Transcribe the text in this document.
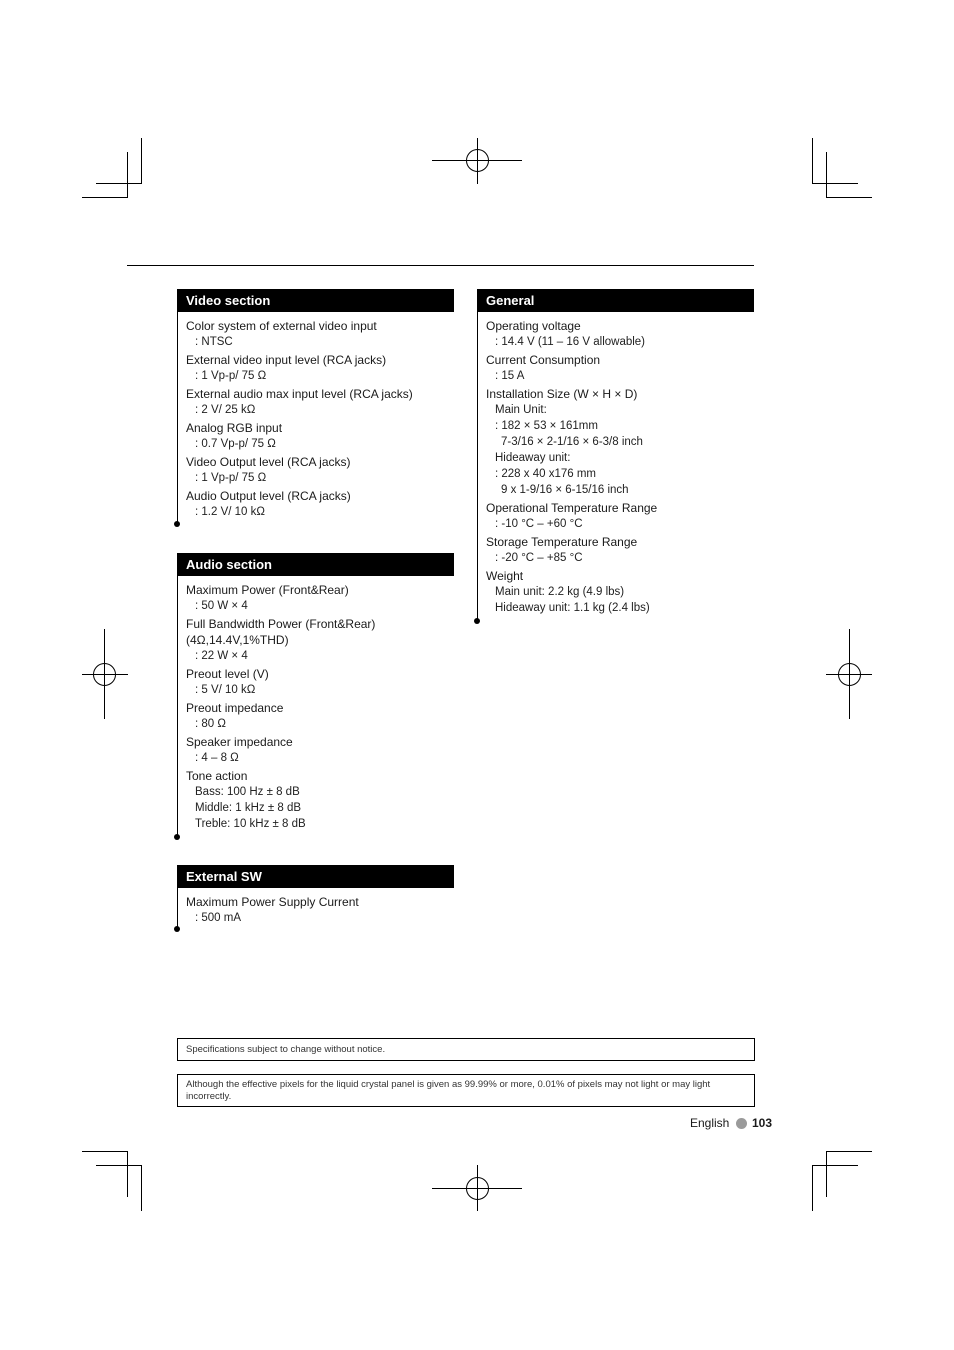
Video section
Color system of external video input
: NTSC
External video input level (RCA jacks)
: 1 Vp-p/ 75 Ω
External audio max input level (RCA jacks)
: 2 V/ 25 kΩ
Analog RGB input
: 0.7 Vp-p/ 75 Ω
Video Output level (RCA jacks)
: 1 Vp-p/ 75 Ω
Audio Output level (RCA jacks)
: 1.2 V/ 10 kΩ
Audio section
Maximum Power (Front&Rear)
: 50 W × 4
Full Bandwidth Power (Front&Rear)
(4Ω,14.4V,1%THD)
: 22 W × 4
Preout level (V)
: 5 V/ 10 kΩ
Preout impedance
: 80 Ω
Speaker impedance
: 4 – 8 Ω
Tone action
Bass: 100 Hz ± 8 dB
Middle: 1 kHz ± 8 dB
Treble: 10 kHz ± 8 dB
External SW
Maximum Power Supply Current
: 500 mA
General
Operating voltage
: 14.4 V (11 – 16 V allowable)
Current Consumption
: 15 A
Installation Size (W × H × D)
Main Unit:
: 182 × 53 × 161mm
7-3/16 × 2-1/16 × 6-3/8 inch
Hideaway unit:
: 228 x 40 x176 mm
9 x 1-9/16 × 6-15/16 inch
Operational Temperature Range
: -10 °C – +60 °C
Storage Temperature Range
: -20 °C – +85 °C
Weight
Main unit: 2.2 kg (4.9 lbs)
Hideaway unit: 1.1 kg (2.4 lbs)
Specifications subject to change without notice.
Although the effective pixels for the liquid crystal panel is given as 99.99% or more, 0.01% of pixels may not light or may light incorrectly.
English 103
